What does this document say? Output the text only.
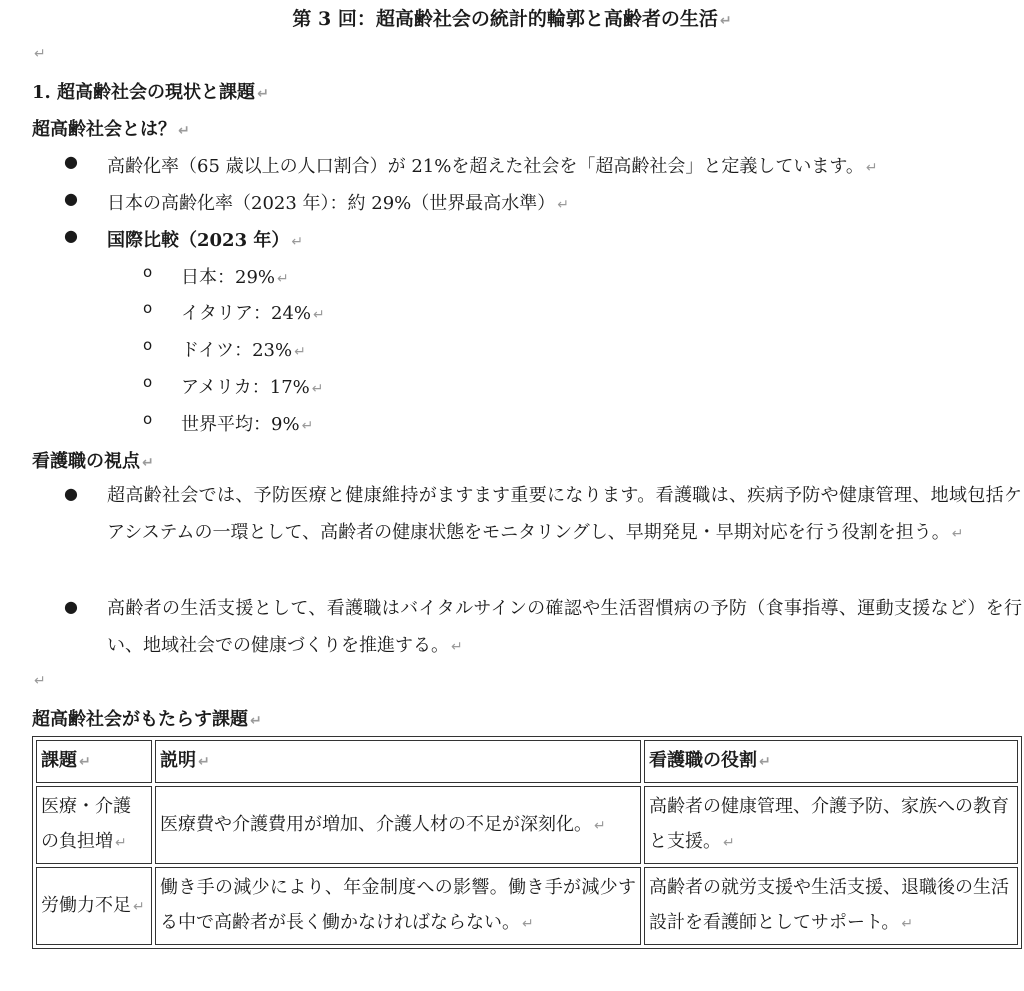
第 3 回：超高齢社会の統計的輪郭と高齢者の生活 ↵
↵
1. 超高齢社会の現状と課題 ↵
超高齢社会とは？ ↵
● 高齢化率（65 歳以上の人口割合）が 21%を超えた社会を「超高齢社会」と定義しています。 ↵
● 日本の高齢化率（2023 年）：約 29%（世界最高水準） ↵
● 国際比較（2023 年） ↵
o 日本：29% ↵
o イタリア：24% ↵
o ドイツ：23% ↵
o アメリカ：17% ↵
o 世界平均：9% ↵
看護職の視点 ↵
● 超高齢社会では、予防医療と健康維持がますます重要になります。看護職は、疾病予防や健康管理、地域包括ケアシステムの一環として、高齢者の健康状態をモニタリングし、早期発見・早期対応を行う役割を担う。 ↵
● 高齢者の生活支援として、看護職はバイタルサインの確認や生活習慣病の予防（食事指導、運動支援など）を行い、地域社会での健康づくりを推進する。 ↵
↵
超高齢社会がもたらす課題 ↵
課題 ↵	説明 ↵	看護職の役割 ↵
医療・介護の負担増 ↵	医療費や介護費用が増加、介護人材の不足が深刻化。 ↵	高齢者の健康管理、介護予防、家族への教育と支援。 ↵
労働力不足 ↵	働き手の減少により、年金制度への影響。働き手が減少する中で高齢者が長く働かなければならない。 ↵	高齢者の就労支援や生活支援、退職後の生活設計を看護師としてサポート。 ↵
